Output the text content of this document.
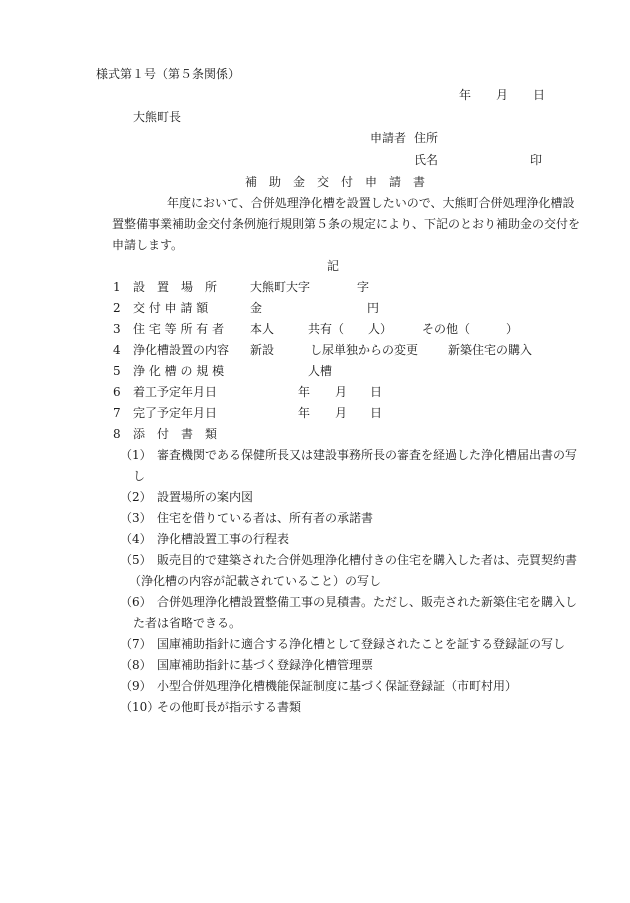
様式第１号（第５条関係）
年 月 日
大熊町長
申請者 住所
氏名	印
補　助　金　交　付　申　請　書
年度において、合併処理浄化槽を設置したいので、大熊町合併処理浄化槽設
置整備事業補助金交付条例施行規則第５条の規定により、下記のとおり補助金の交付を
申請します。
記
1 設　置　場　所	大熊町大字	字
2 交 付 申 請 額	金	円
3 住 宅 等 所 有 者 本人	共有（　　人） その他（　　　）
4 浄化槽設置の内容 新設	し尿単独からの変更 新築住宅の購入
5 浄 化 槽 の 規 模	人槽
6 着工予定年月日	年 月 日
7 完了予定年月日	年 月 日
8 添　付　書　類
（1） 審査機関である保健所長又は建設事務所長の審査を経過した浄化槽届出書の写
し
（2） 設置場所の案内図
（3） 住宅を借りている者は、所有者の承諾書
（4） 浄化槽設置工事の行程表
（5） 販売目的で建築された合併処理浄化槽付きの住宅を購入した者は、売買契約書
（浄化槽の内容が記載されていること）の写し
（6） 合併処理浄化槽設置整備工事の見積書。ただし、販売された新築住宅を購入し
た者は省略できる。
（7） 国庫補助指針に適合する浄化槽として登録されたことを証する登録証の写し
（8） 国庫補助指針に基づく登録浄化槽管理票
（9） 小型合併処理浄化槽機能保証制度に基づく保証登録証（市町村用）
（10）
その他町長が指示する書類
